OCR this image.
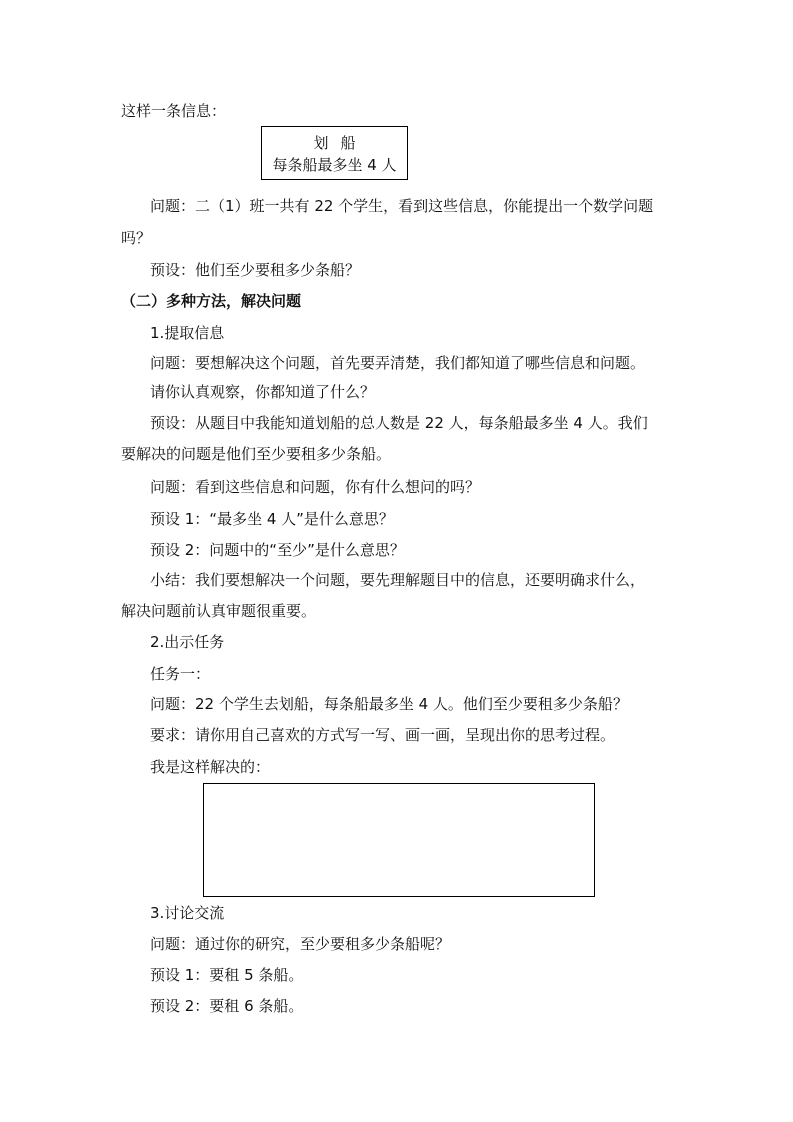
这样一条信息：
划船
每条船最多坐 4 人
问题：二（1）班一共有 22 个学生，看到这些信息，你能提出一个数学问题
吗？
预设：他们至少要租多少条船？
（二）多种方法，解决问题
1.提取信息
问题：要想解决这个问题，首先要弄清楚，我们都知道了哪些信息和问题。
请你认真观察，你都知道了什么？
预设：从题目中我能知道划船的总人数是 22 人，每条船最多坐 4 人。我们
要解决的问题是他们至少要租多少条船。
问题：看到这些信息和问题，你有什么想问的吗？
预设 1：“最多坐 4 人”是什么意思？
预设 2：问题中的“至少”是什么意思？
小结：我们要想解决一个问题，要先理解题目中的信息，还要明确求什么，
解决问题前认真审题很重要。
2.出示任务
任务一：
问题：22 个学生去划船，每条船最多坐 4 人。他们至少要租多少条船？
要求：请你用自己喜欢的方式写一写、画一画，呈现出你的思考过程。
我是这样解决的：
3.讨论交流
问题：通过你的研究，至少要租多少条船呢？
预设 1：要租 5 条船。
预设 2：要租 6 条船。
